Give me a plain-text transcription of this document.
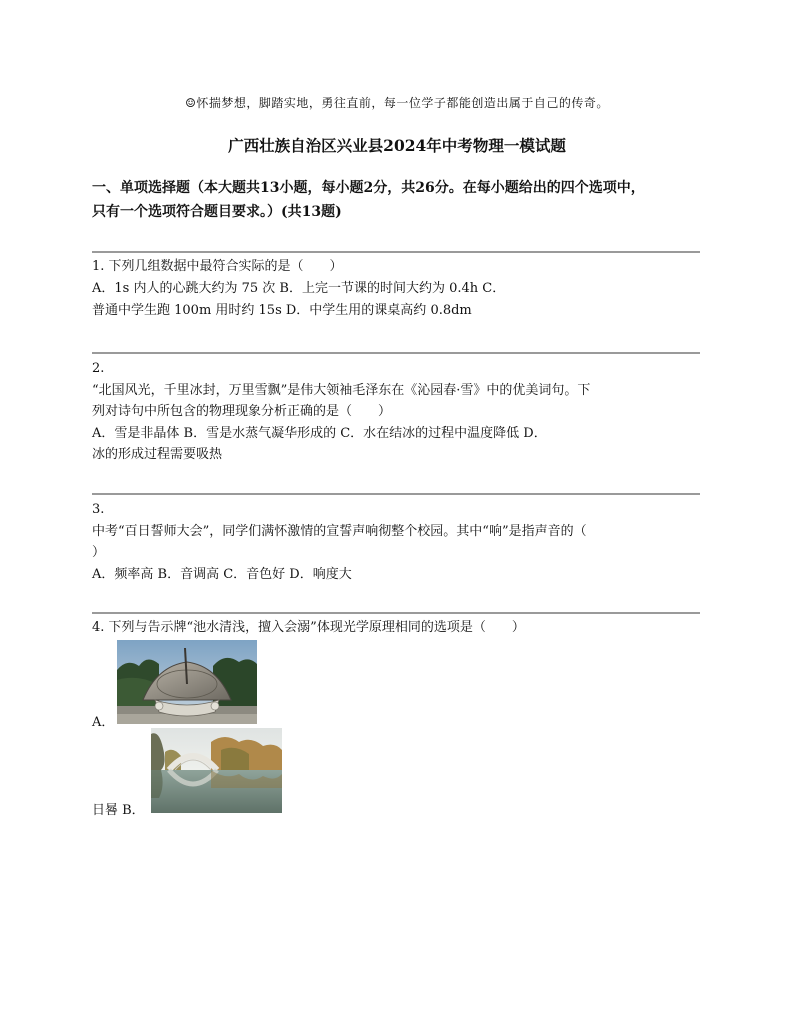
☺怀揣梦想，脚踏实地，勇往直前，每一位学子都能创造出属于自己的传奇。
广西壮族自治区兴业县2024年中考物理一模试题
一、单项选择题（本大题共13小题，每小题2分，共26分。在每小题给出的四个选项中，
只有一个选项符合题目要求。）(共13题)
1. 下列几组数据中最符合实际的是（　　）
A．1s 内人的心跳大约为 75 次 B．上完一节课的时间大约为 0.4h C．
普通中学生跑 100m 用时约 15s D．中学生用的课桌高约 0.8dm
2.
“北国风光，千里冰封，万里雪飘”是伟大领袖毛泽东在《沁园春·雪》中的优美词句。下
列对诗句中所包含的物理现象分析正确的是（　　）
A．雪是非晶体 B．雪是水蒸气凝华形成的 C．水在结冰的过程中温度降低 D．
冰的形成过程需要吸热
3.
中考“百日誓师大会”，同学们满怀激情的宣誓声响彻整个校园。其中“响”是指声音的（
）
A．频率高 B．音调高 C．音色好 D．响度大
4. 下列与告示牌“池水清浅，擅入会溺”体现光学原理相同的选项是（　　）
A．
日晷 B．
